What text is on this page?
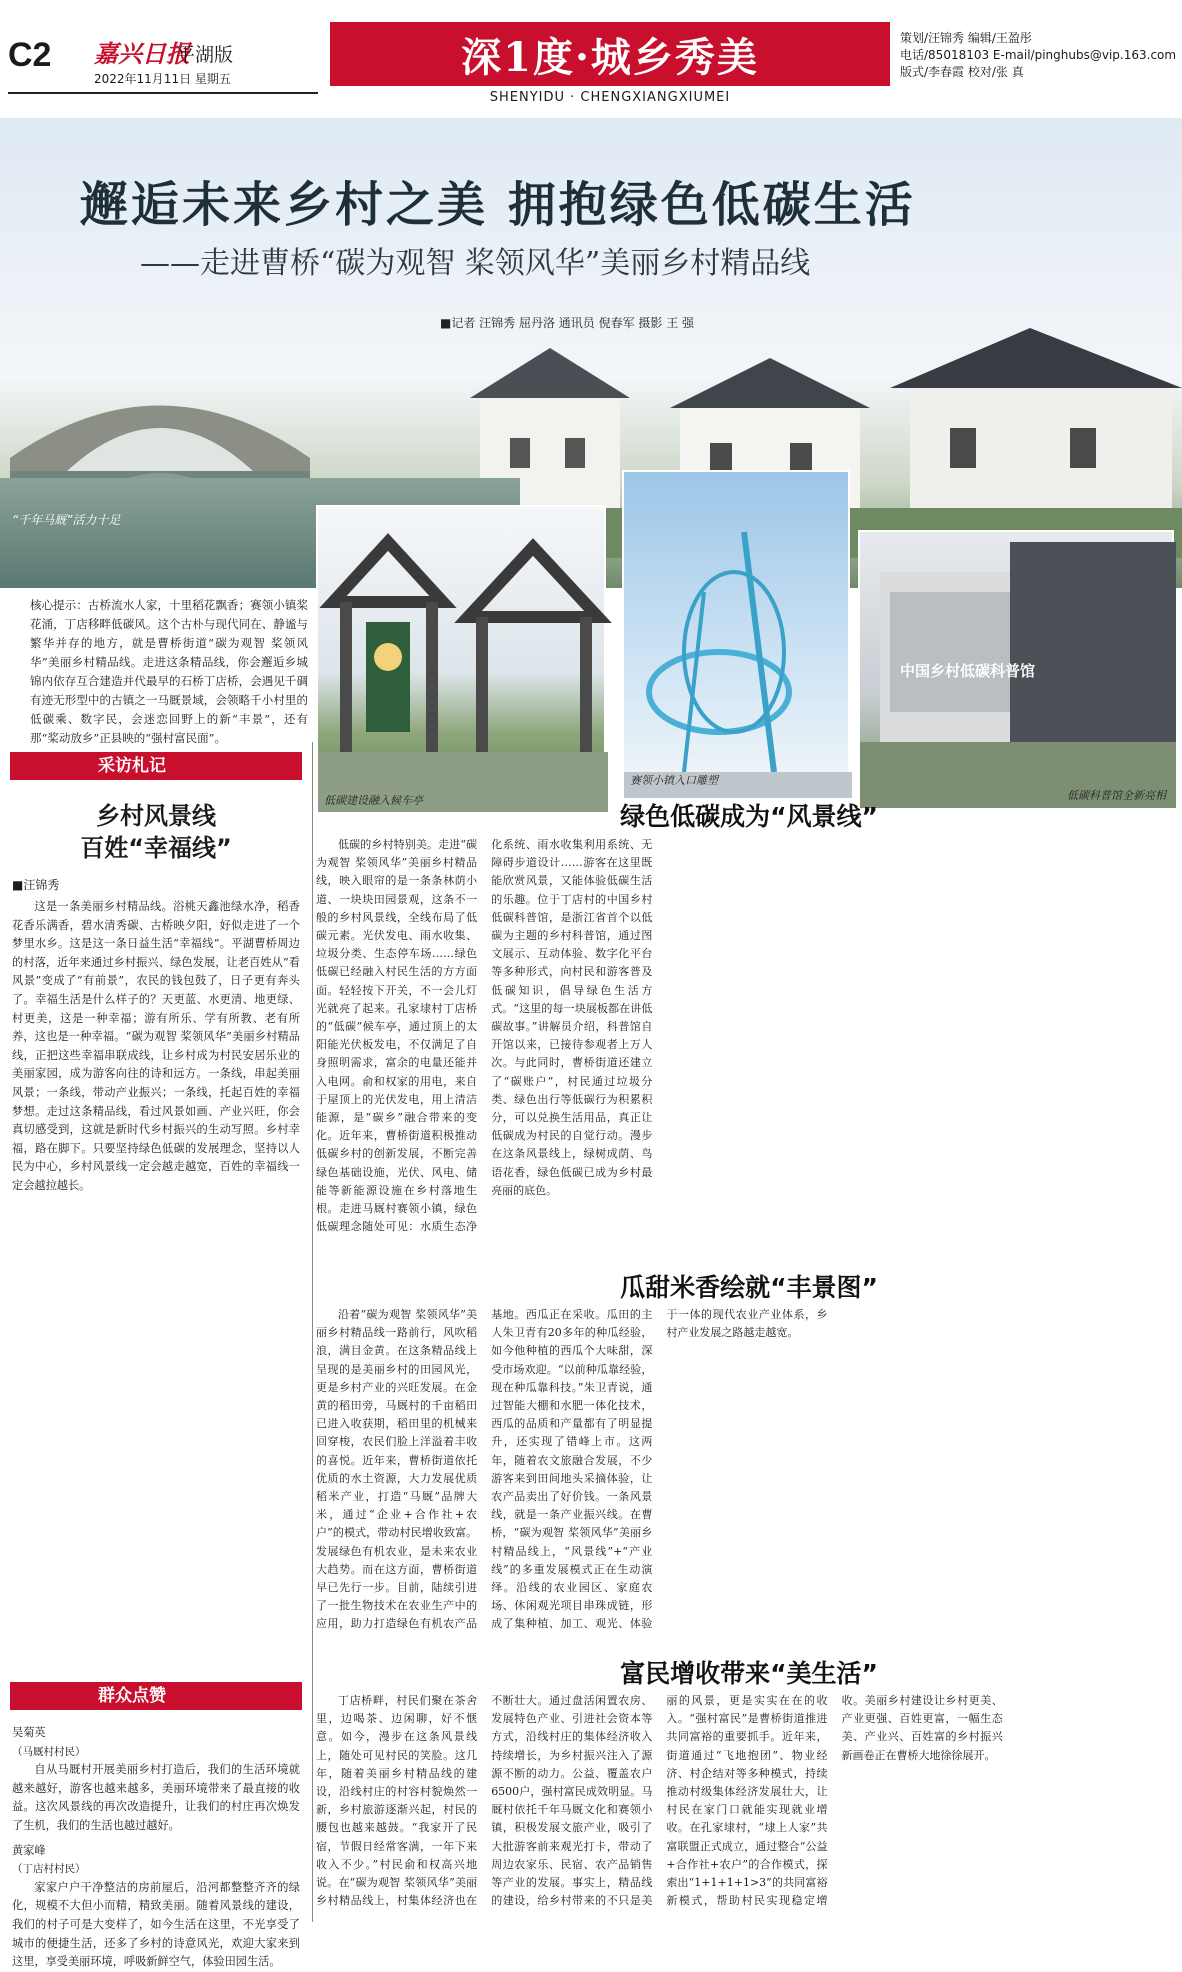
C2 嘉兴日报
平湖版
2022年11月11日 星期五	深1度·城乡秀美
SHENYIDU · CHENGXIANGXIUMEI
策划/汪锦秀 编辑/王盈彤
电话/85018103 E-mail/pinghubs@vip.163.com
版式/李春霞 校对/张 真
邂逅未来乡村之美 拥抱绿色低碳生活
——走进曹桥“碳为观智 桨领风华”美丽乡村精品线
■记者 汪锦秀 屈丹洛 通讯员 倪春军 摄影 王 强
“千年马厩”活力十足
低碳建设融入候车亭
赛领小镇入口雕塑
中国乡村低碳科普馆
低碳科普馆全新亮相
核心提示：古桥流水人家，十里稻花飘香；赛领小镇桨花涌，丁店移畔低碳风。这个古朴与现代同在、静谧与繁华并存的地方，就是曹桥街道“碳为观智 桨领风华”美丽乡村精品线。走进这条精品线，你会邂逅乡城锦内依存互合建造并代最早的石桥丁店桥，会遇见千碉有迹无形型中的古镇之一马厩景域，会领略千小村里的低碳乘、数字民，会迷恋回野上的新“丰景”，还有那“桨动放乡”正县映的“强村富民面”。
采访札记
乡村风景线
百姓“幸福线”
■汪锦秀
这是一条美丽乡村精品线。浴桃天鑫池绿水净，稻香花香乐满香，碧水清秀碳、古桥映夕阳，好似走进了一个梦里水乡。这是这一条日益生活“幸福线”。平湖曹桥周边的村落，近年来通过乡村振兴、绿色发展，让老百姓从“看风景”变成了“有前景”，农民的钱包鼓了，日子更有奔头了。幸福生活是什么样子的？天更蓝、水更清、地更绿、村更美，这是一种幸福；游有所乐、学有所教、老有所养，这也是一种幸福。“碳为观智 桨领风华”美丽乡村精品线，正把这些幸福串联成线，让乡村成为村民安居乐业的美丽家园，成为游客向往的诗和远方。一条线，串起美丽风景；一条线，带动产业振兴；一条线，托起百姓的幸福梦想。走过这条精品线，看过风景如画、产业兴旺，你会真切感受到，这就是新时代乡村振兴的生动写照。乡村幸福，路在脚下。只要坚持绿色低碳的发展理念，坚持以人民为中心，乡村风景线一定会越走越宽，百姓的幸福线一定会越拉越长。
群众点赞
吴菊英
（马厩村村民）
自从马厩村开展美丽乡村打造后，我们的生活环境就越来越好，游客也越来越多，美丽环境带来了最直接的收益。这次风景线的再次改造提升，让我们的村庄再次焕发了生机，我们的生活也越过越好。
黄家峰
（丁店村村民）
家家户户干净整洁的房前屋后，沿河都整整齐齐的绿化，规模不大但小而精，精致美丽。随着风景线的建设，我们的村子可是大变样了，如今生活在这里，不光享受了城市的便捷生活，还多了乡村的诗意风光，欢迎大家来到这里，享受美丽环境，呼吸新鲜空气，体验田园生活。
绿色低碳成为“风景线”
低碳的乡村特别美。走进“碳为观智 桨领风华”美丽乡村精品线，映入眼帘的是一条条林荫小道、一块块田园景观，这条不一般的乡村风景线，全线布局了低碳元素。光伏发电、雨水收集、垃圾分类、生态停车场……绿色低碳已经融入村民生活的方方面面。轻轻按下开关，不一会儿灯光就亮了起来。孔家埭村丁店桥的“低碳”候车亭，通过顶上的太阳能光伏板发电，不仅满足了自身照明需求，富余的电量还能并入电网。俞和权家的用电，来自于屋顶上的光伏发电，用上清洁能源，是“碳乡”融合带来的变化。近年来，曹桥街道积极推动低碳乡村的创新发展，不断完善绿色基础设施，光伏、风电、储能等新能源设施在乡村落地生根。走进马厩村赛领小镇，绿色低碳理念随处可见：水质生态净化系统、雨水收集利用系统、无障碍步道设计……游客在这里既能欣赏风景，又能体验低碳生活的乐趣。位于丁店村的中国乡村低碳科普馆，是浙江省首个以低碳为主题的乡村科普馆，通过图文展示、互动体验、数字化平台等多种形式，向村民和游客普及低碳知识，倡导绿色生活方式。“这里的每一块展板都在讲低碳故事。”讲解员介绍，科普馆自开馆以来，已接待参观者上万人次。与此同时，曹桥街道还建立了“碳账户”，村民通过垃圾分类、绿色出行等低碳行为积累积分，可以兑换生活用品，真正让低碳成为村民的自觉行动。漫步在这条风景线上，绿树成荫、鸟语花香，绿色低碳已成为乡村最亮丽的底色。
瓜甜米香绘就“丰景图”
沿着“碳为观智 桨领风华”美丽乡村精品线一路前行，风吹稻浪，满目金黄。在这条精品线上呈现的是美丽乡村的田园风光，更是乡村产业的兴旺发展。在金黄的稻田旁，马厩村的千亩稻田已进入收获期，稻田里的机械来回穿梭，农民们脸上洋溢着丰收的喜悦。近年来，曹桥街道依托优质的水土资源，大力发展优质稻米产业，打造“马厩”品牌大米，通过“企业+合作社+农户”的模式，带动村民增收致富。发展绿色有机农业，是未来农业大趋势。而在这方面，曹桥街道早已先行一步。目前，陆续引进了一批生物技术在农业生产中的应用，助力打造绿色有机农产品基地。西瓜正在采收。瓜田的主人朱卫青有20多年的种瓜经验，如今他种植的西瓜个大味甜，深受市场欢迎。“以前种瓜靠经验，现在种瓜靠科技。”朱卫青说，通过智能大棚和水肥一体化技术，西瓜的品质和产量都有了明显提升，还实现了错峰上市。这两年，随着农文旅融合发展，不少游客来到田间地头采摘体验，让农产品卖出了好价钱。一条风景线，就是一条产业振兴线。在曹桥，“碳为观智 桨领风华”美丽乡村精品线上，“风景线”+“产业线”的多重发展模式正在生动演绎。沿线的农业园区、家庭农场、休闲观光项目串珠成链，形成了集种植、加工、观光、体验于一体的现代农业产业体系，乡村产业发展之路越走越宽。
富民增收带来“美生活”
丁店桥畔，村民们聚在茶舍里，边喝茶、边闲聊，好不惬意。如今，漫步在这条风景线上，随处可见村民的笑脸。这几年，随着美丽乡村精品线的建设，沿线村庄的村容村貌焕然一新，乡村旅游逐渐兴起，村民的腰包也越来越鼓。“我家开了民宿，节假日经常客满，一年下来收入不少。”村民俞和权高兴地说。在“碳为观智 桨领风华”美丽乡村精品线上，村集体经济也在不断壮大。通过盘活闲置农房、发展特色产业、引进社会资本等方式，沿线村庄的集体经济收入持续增长，为乡村振兴注入了源源不断的动力。公益、覆盖农户6500户，强村富民成效明显。马厩村依托千年马厩文化和赛领小镇，积极发展文旅产业，吸引了大批游客前来观光打卡，带动了周边农家乐、民宿、农产品销售等产业的发展。事实上，精品线的建设，给乡村带来的不只是美丽的风景，更是实实在在的收入。“强村富民”是曹桥街道推进共同富裕的重要抓手。近年来，街道通过“飞地抱团”、物业经济、村企结对等多种模式，持续推动村级集体经济发展壮大，让村民在家门口就能实现就业增收。在孔家埭村，“埭上人家”共富联盟正式成立，通过整合“公益+合作社+农户”的合作模式，探索出“1+1+1+1>3”的共同富裕新模式，帮助村民实现稳定增收。美丽乡村建设让乡村更美、产业更强、百姓更富，一幅生态美、产业兴、百姓富的乡村振兴新画卷正在曹桥大地徐徐展开。
